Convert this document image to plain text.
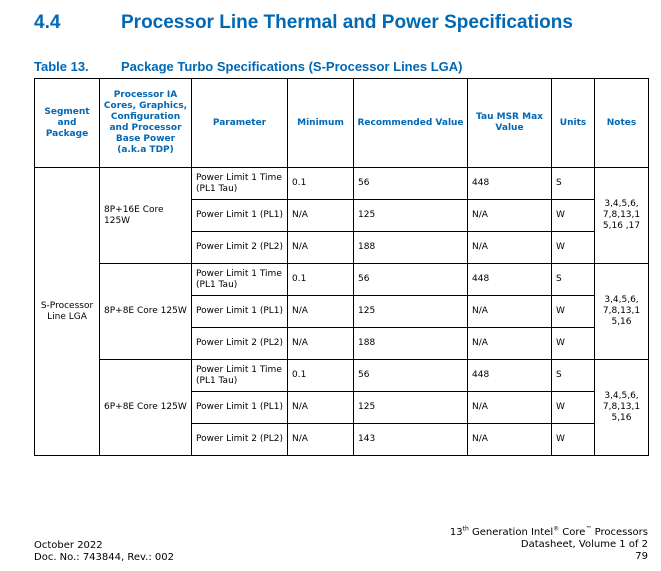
4.4	Processor Line Thermal and Power Specifications
Table 13. Package Turbo Specifications (S-Processor Lines LGA)
Segment and Package	Processor IA Cores, Graphics, Configuration and Processor Base Power (a.k.a TDP)	Parameter	Minimum	Recommended Value	Tau MSR Max Value	Units	Notes
S-Processor Line LGA	8P+16E Core 125W	Power Limit 1 Time (PL1 Tau)	0.1	56	448	S	3,4,5,6, 7,8,13,1 5,16 ,17
		Power Limit 1 (PL1)	N/A	125	N/A	W	
		Power Limit 2 (PL2)	N/A	188	N/A	W	
	8P+8E Core 125W	Power Limit 1 Time (PL1 Tau)	0.1	56	448	S	3,4,5,6, 7,8,13,1 5,16
		Power Limit 1 (PL1)	N/A	125	N/A	W	
		Power Limit 2 (PL2)	N/A	188	N/A	W	
	6P+8E Core 125W	Power Limit 1 Time (PL1 Tau)	0.1	56	448	S	3,4,5,6, 7,8,13,1 5,16
		Power Limit 1 (PL1)	N/A	125	N/A	W	
		Power Limit 2 (PL2)	N/A	143	N/A	W	
October 2022
Doc. No.: 743844, Rev.: 002
13th Generation Intel® Core™ Processors
Datasheet, Volume 1 of 2
79
